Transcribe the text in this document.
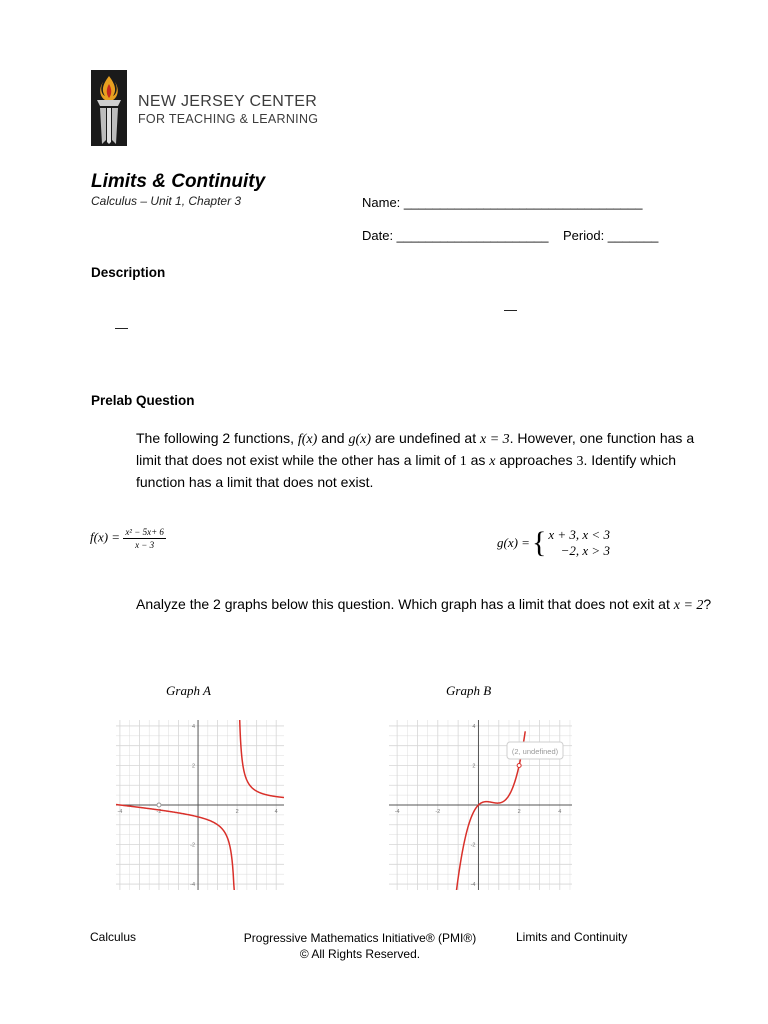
NEW JERSEY CENTER
FOR TEACHING & LEARNING
Limits & Continuity
Calculus – Unit 1, Chapter 3	Name: _________________________________
Date: _____________________ Period: _______
Description
—
—
Prelab Question
The following 2 functions, f(x) and g(x) are undefined at x = 3. However, one function has a limit that does not exist while the other has a limit of 1 as x approaches 3. Identify which function has a limit that does not exist.
$f(x) = \frac{\text{x² − 5x+ 6}}{x - 3}$	g(x) = { x + 3, x < 3
−2, x > 3
Analyze the 2 graphs below this question. Which graph has a limit that does not exit at x = 2?
Graph A	Graph B
-4
-4
-2
-2
2
2
4
4
-4
-4
-2
-2
2
2
4
4
(2, undefined)
Calculus	Progressive Mathematics Initiative® (PMI®)
© All Rights Reserved.
Limits and Continuity
